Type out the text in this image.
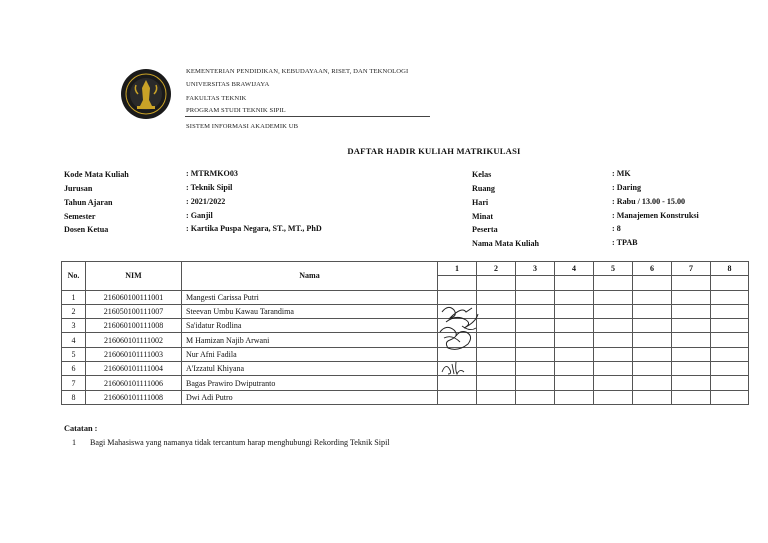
KEMENTERIAN PENDIDIKAN, KEBUDAYAAN, RISET, DAN TEKNOLOGI
UNIVERSITAS BRAWIJAYA
FAKULTAS TEKNIK
PROGRAM STUDI TEKNIK SIPIL
SISTEM INFORMASI AKADEMIK UB
DAFTAR HADIR KULIAH MATRIKULASI
Kode Mata Kuliah	: MTRMKO03
Jurusan	: Teknik Sipil
Tahun Ajaran	: 2021/2022
Semester	: Ganjil
Dosen Ketua	: Kartika Puspa Negara, ST., MT., PhD
Kelas	: MK
Ruang	: Daring
Hari	: Rabu / 13.00 - 15.00
Minat	: Manajemen Konstruksi
Peserta	: 8
Nama Mata Kuliah	: TPAB
No.	NIM	Nama	1	2	3	4	5	6	7	8

1	216060100111001	Mangesti Carissa Putri								
2	216050100111007	Steevan Umbu Kawau Tarandima								
3	216060100111008	Sa'idatur Rodlina								
4	216060101111002	M Hamizan Najib Arwani								
5	216060101111003	Nur Afni Fadila								
6	216060101111004	A'Izzatul Khiyana								
7	216060101111006	Bagas Prawiro Dwiputranto								
8	216060101111008	Dwi Adi Putro								
Catatan :
1 Bagi Mahasiswa yang namanya tidak tercantum harap menghubungi Rekording Teknik Sipil
